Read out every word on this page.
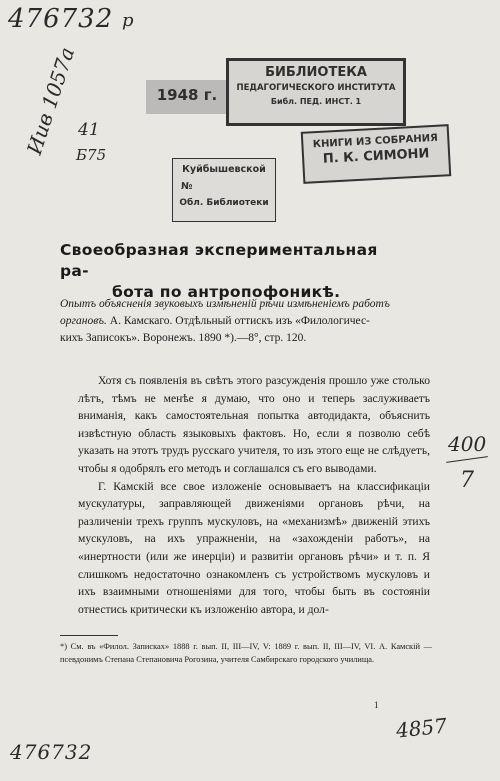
476732 р
Иив 1057а
41
Б75
400
7
4857
476732
1948 г.
БИБЛИОТЕКА
ПЕДАГОГИЧЕСКОГО ИНСТИТУТА
Библ. ПЕД. ИНСТ. 1
КНИГИ ИЗ СОБРАНИЯ
П. К. СИМОНИ
Куйбышевской
№
Обл. Библиотеки
Своеобразная экспериментальная ра-
бота по антропофоникѣ.
Опытъ объясненія звуковыхъ измѣненій рѣчи измѣненіемъ работъ органовъ. А. Камскаго. Отдѣльный оттискъ изъ «Филологичес-
кихъ Записокъ». Воронежъ. 1890 *).—8°, стр. 120.

Хотя съ появленія въ свѣтъ этого разсужденія прошло уже столько лѣтъ, тѣмъ не менѣе я думаю, что оно и теперь заслуживаетъ вниманія, какъ самостоятельная попытка автодидакта, объяснить извѣстную область языковыхъ фактовъ. Но, если я позволю себѣ указать на этотъ трудъ русскаго учителя, то изъ этого еще не слѣдуетъ, чтобы я одобрялъ его методъ и соглашался съ его выводами.

Г. Камскій все свое изложеніе основываетъ на классификаціи мускулатуры, заправляющей движеніями органовъ рѣчи, на различеніи трехъ группъ мускуловъ, на «механизмѣ» движеній этихъ мускуловъ, на ихъ упражненіи, на «захожденіи работъ», на «инертности (или же инерціи) и развитіи органовъ рѣчи» и т. п. Я слишкомъ недостаточно ознакомленъ съ устройствомъ мускуловъ и ихъ взаимными отношеніями для того, чтобы быть въ состояніи отнестись критически къ изложенію автора, и дол-

*) См. въ «Филол. Записках» 1888 г. вып. II, III—IV, V: 1889 г. вып. II, III—IV, VI. А. Камскій — псевдонимъ Степана Степановича Рогозина, учителя Самбирскаго городского училища.
1
